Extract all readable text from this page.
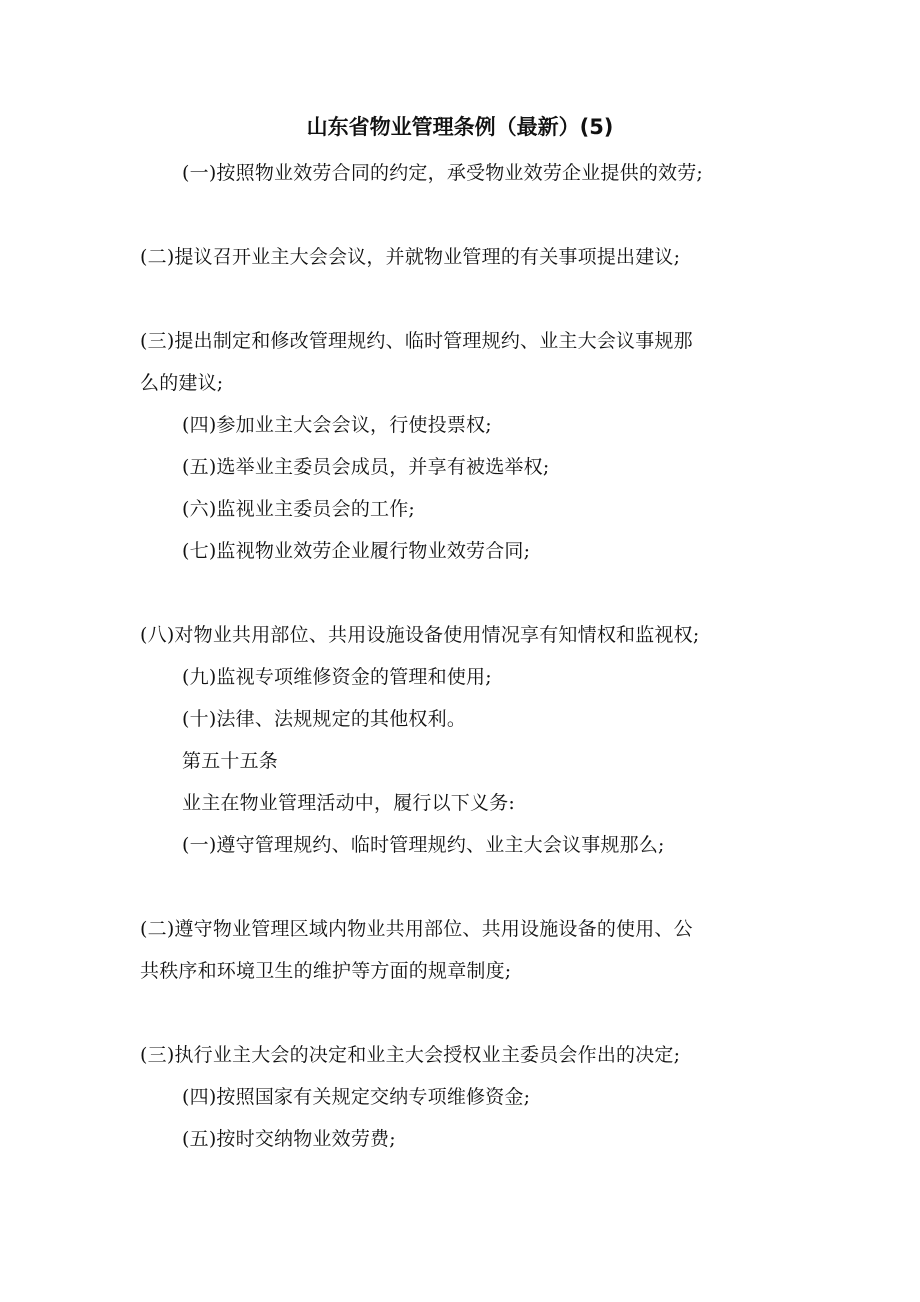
山东省物业管理条例（最新）(5)
(一)按照物业效劳合同的约定，承受物业效劳企业提供的效劳;
(二)提议召开业主大会会议，并就物业管理的有关事项提出建议;
(三)提出制定和修改管理规约、临时管理规约、业主大会议事规那
么的建议;
(四)参加业主大会会议，行使投票权;
(五)选举业主委员会成员，并享有被选举权;
(六)监视业主委员会的工作;
(七)监视物业效劳企业履行物业效劳合同;
(八)对物业共用部位、共用设施设备使用情况享有知情权和监视权;
(九)监视专项维修资金的管理和使用;
(十)法律、法规规定的其他权利。
第五十五条
业主在物业管理活动中，履行以下义务:
(一)遵守管理规约、临时管理规约、业主大会议事规那么;
(二)遵守物业管理区域内物业共用部位、共用设施设备的使用、公
共秩序和环境卫生的维护等方面的规章制度;
(三)执行业主大会的决定和业主大会授权业主委员会作出的决定;
(四)按照国家有关规定交纳专项维修资金;
(五)按时交纳物业效劳费;
